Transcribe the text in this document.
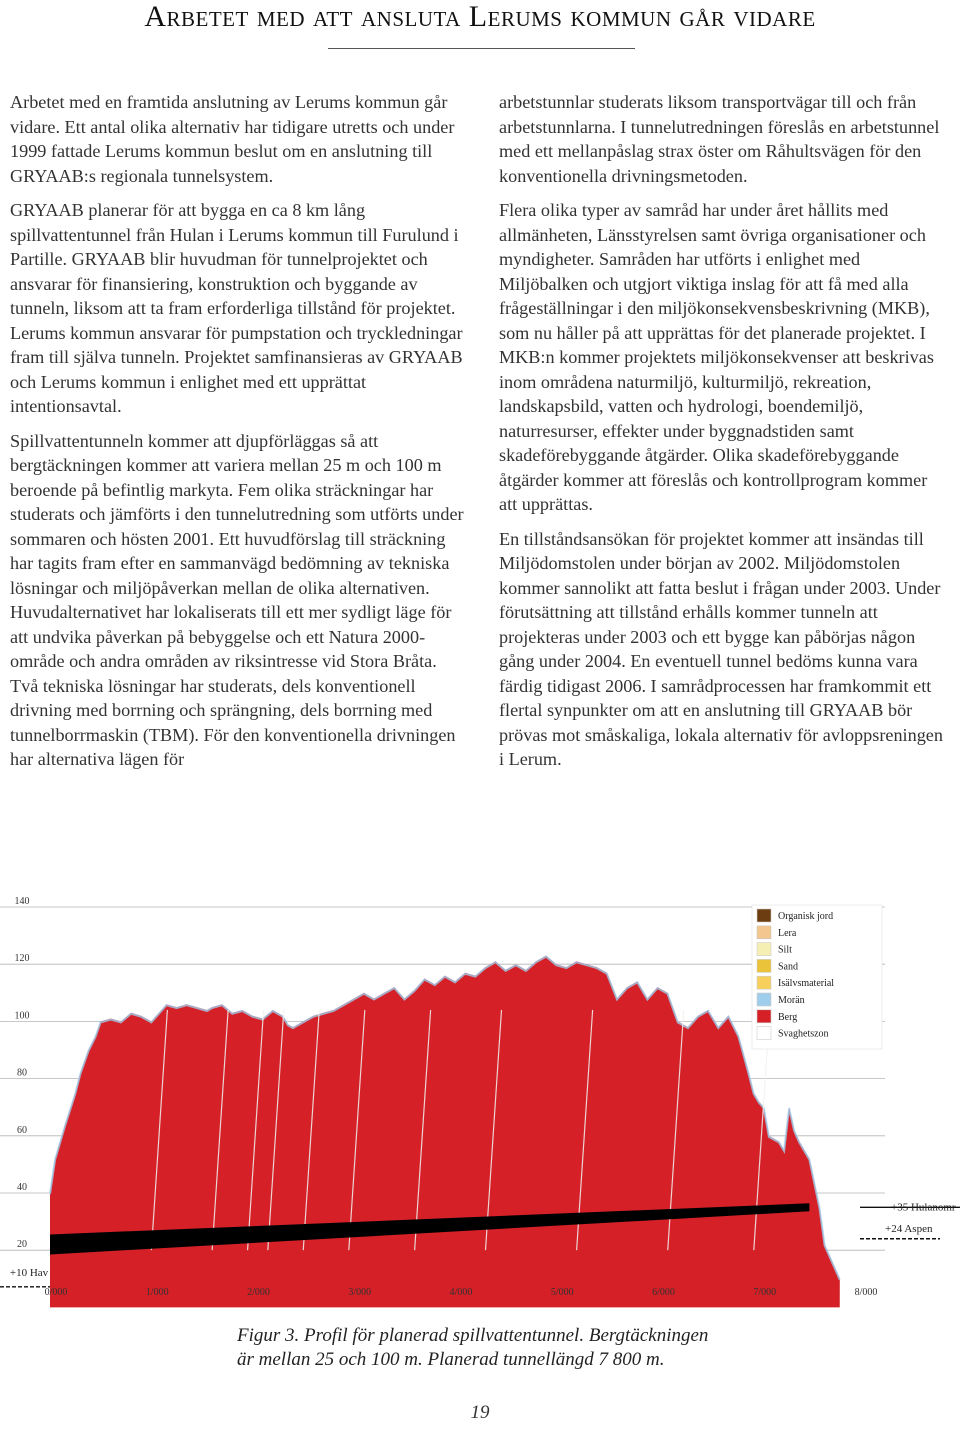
Arbetet med att ansluta Lerums kommun går vidare

Arbetet med en framtida anslutning av Lerums kommun går vidare. Ett antal olika alternativ har tidigare utretts och under 1999 fattade Lerums kommun beslut om en anslutning till GRYAAB:s regionala tunnelsystem.

GRYAAB planerar för att bygga en ca 8 km lång spillvattentunnel från Hulan i Lerums kommun till Furulund i Partille. GRYAAB blir huvudman för tunnelprojektet och ansvarar för finansiering, konstruktion och byggande av tunneln, liksom att ta fram erforderliga tillstånd för projektet. Lerums kommun ansvarar för pumpstation och tryckledningar fram till själva tunneln. Projektet samfinansieras av GRYAAB och Lerums kommun i enlighet med ett upprättat intentionsavtal.

Spillvattentunneln kommer att djupförläggas så att bergtäckningen kommer att variera mellan 25 m och 100 m beroende på befintlig markyta. Fem olika sträckningar har studerats och jämförts i den tunnelutredning som utförts under sommaren och hösten 2001. Ett huvudförslag till sträckning har tagits fram efter en sammanvägd bedömning av tekniska lösningar och miljöpåverkan mellan de olika alternativen. Huvudalternativet har lokaliserats till ett mer sydligt läge för att undvika påverkan på bebyggelse och ett Natura 2000-område och andra områden av riksintresse vid Stora Bråta. Två tekniska lösningar har studerats, dels konventionell drivning med borrning och sprängning, dels borrning med tunnelborrmaskin (TBM). För den konventionella drivningen har alternativa lägen för

arbetstunnlar studerats liksom transportvägar till och från arbetstunnlarna. I tunnelutredningen föreslås en arbetstunnel med ett mellanpåslag strax öster om Råhultsvägen för den konventionella drivningsmetoden.

Flera olika typer av samråd har under året hållits med allmänheten, Länsstyrelsen samt övriga organisationer och myndigheter. Samråden har utförts i enlighet med Miljöbalken och utgjort viktiga inslag för att få med alla frågeställningar i den miljökonsekvensbeskrivning (MKB), som nu håller på att upprättas för det planerade projektet. I MKB:n kommer projektets miljökonsekvenser att beskrivas inom områdena naturmiljö, kulturmiljö, rekreation, landskapsbild, vatten och hydrologi, boendemiljö, naturresurser, effekter under byggnadstiden samt skadeförebyggande åtgärder. Olika skadeförebyggande åtgärder kommer att föreslås och kontrollprogram kommer att upprättas.

En tillståndsansökan för projektet kommer att insändas till Miljödomstolen under början av 2002. Miljödomstolen kommer sannolikt att fatta beslut i frågan under 2003. Under förutsättning att tillstånd erhålls kommer tunneln att projekteras under 2003 och ett bygge kan påbörjas någon gång under 2004. En eventuell tunnel bedöms kunna vara färdig tidigast 2006. I samrådprocessen har framkommit ett flertal synpunkter om att en anslutning till GRYAAB bör prövas mot småskaliga, lokala alternativ för avloppsreningen i Lerum.

140
120
100
80
60
40
20
+10 Hav
+35 Hulanomr
+24 Aspen
0/000	1/000	2/000	3/000	4/000	5/000	6/000	7/000	8/000
Organisk jord
Lera
Silt
Sand
Isälvsmaterial
Morän
Berg
Svaghetszon
Figur 3. Profil för planerad spillvattentunnel. Bergtäckningen
är mellan 25 och 100 m. Planerad tunnellängd 7 800 m.
19
